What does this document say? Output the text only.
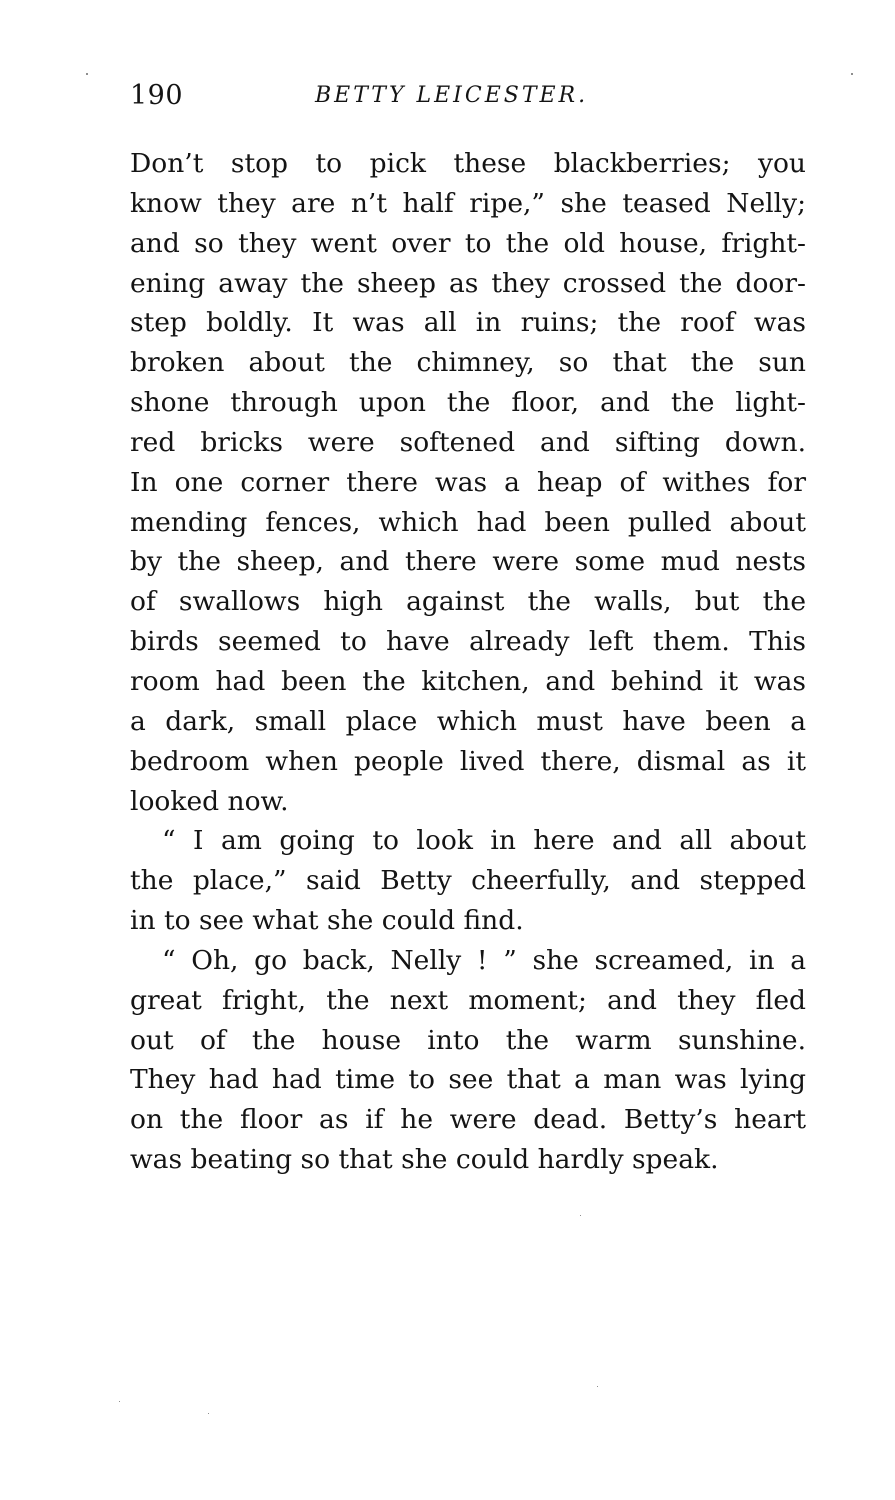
190	BETTY LEICESTER.
Don’t stop to pick these blackberries; you
know they are n’t half ripe,” she teased Nelly;
and so they went over to the old house, fright-
ening away the sheep as they crossed the door-
step boldly. It was all in ruins; the roof was
broken about the chimney, so that the sun
shone through upon the floor, and the light-
red bricks were softened and sifting down.
In one corner there was a heap of withes for
mending fences, which had been pulled about
by the sheep, and there were some mud nests
of swallows high against the walls, but the
birds seemed to have already left them. This
room had been the kitchen, and behind it was
a dark, small place which must have been a
bedroom when people lived there, dismal as it
looked now.
“ I am going to look in here and all about
the place,” said Betty cheerfully, and stepped
in to see what she could find.
“ Oh, go back, Nelly ! ” she screamed, in a
great fright, the next moment; and they fled
out of the house into the warm sunshine.
They had had time to see that a man was lying
on the floor as if he were dead. Betty’s heart
was beating so that she could hardly speak.
